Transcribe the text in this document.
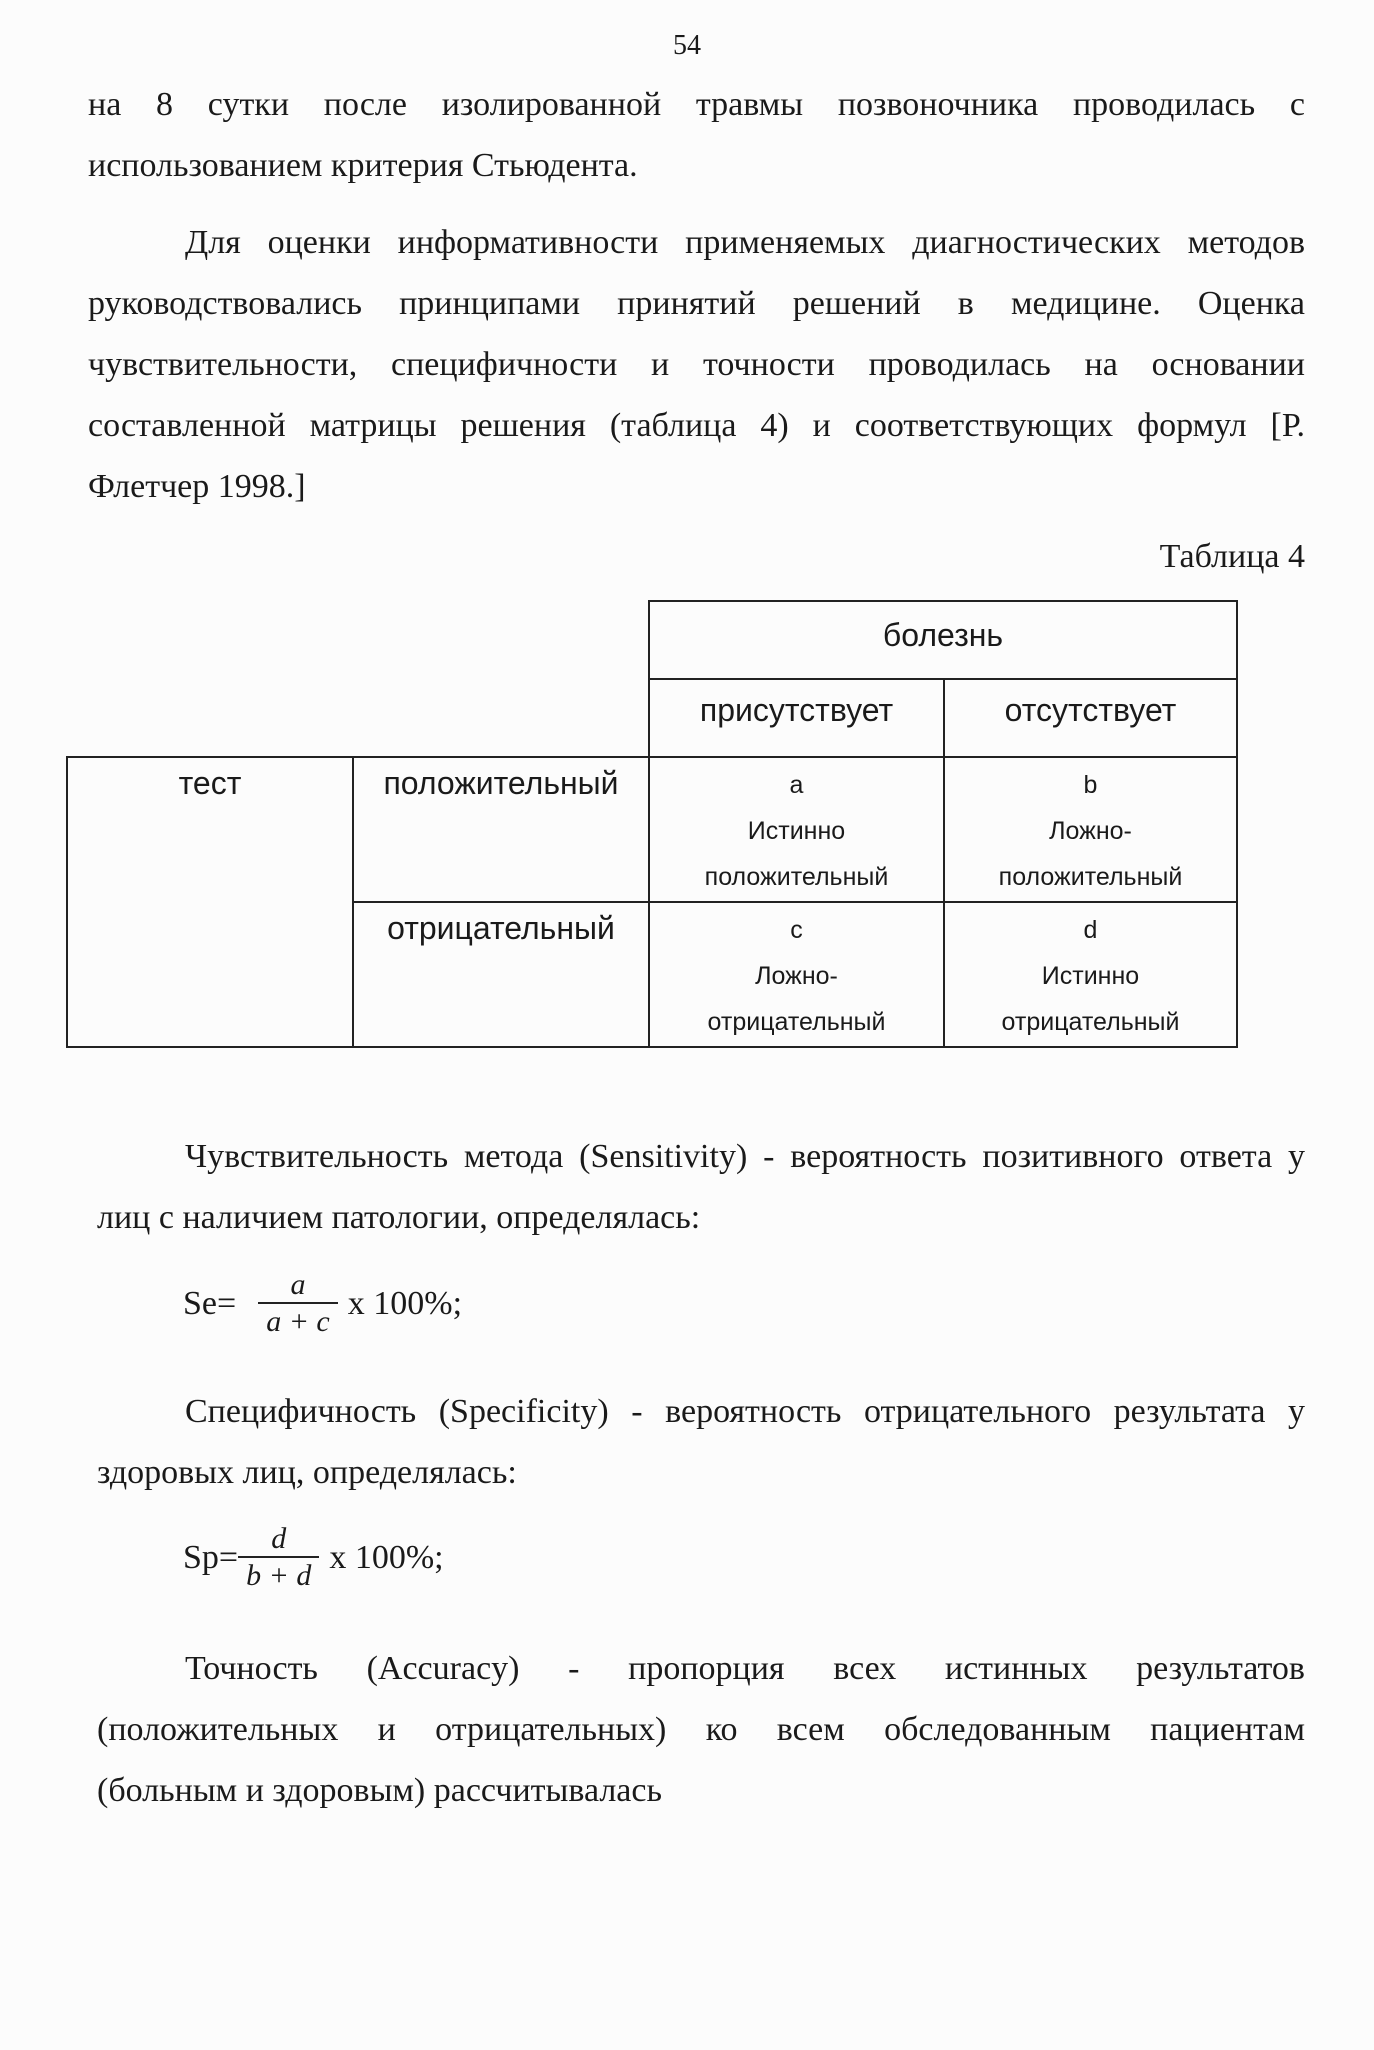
54
на 8 сутки после изолированной травмы позвоночника проводилась с использованием критерия Стьюдента.
Для оценки информативности применяемых диагностических методов руководствовались принципами принятий решений в медицине. Оценка чувствительности, специфичности и точности проводилась на основании составленной матрицы решения (таблица 4) и соответствующих формул [Р. Флетчер 1998.]
Таблица 4
болезнь
присутствует	отсутствует
тест	положительный
отрицательный
a
Истинно
положительный
b
Ложно-
положительный
c
Ложно-
отрицательный
d
Истинно
отрицательный
Чувствительность метода (Sensitivity) - вероятность позитивного ответа у
лиц с наличием патологии, определялась:
$Se= \frac{a}{a + c}$ x 100%;
Специфичность (Specificity) - вероятность отрицательного результата у
здоровых лиц, определялась:
$Sp= \frac{d}{b + d}$ x 100%;
Точность (Accuracy) - пропорция всех истинных результатов
(положительных и отрицательных) ко всем обследованным пациентам
(больным и здоровым) рассчитывалась
